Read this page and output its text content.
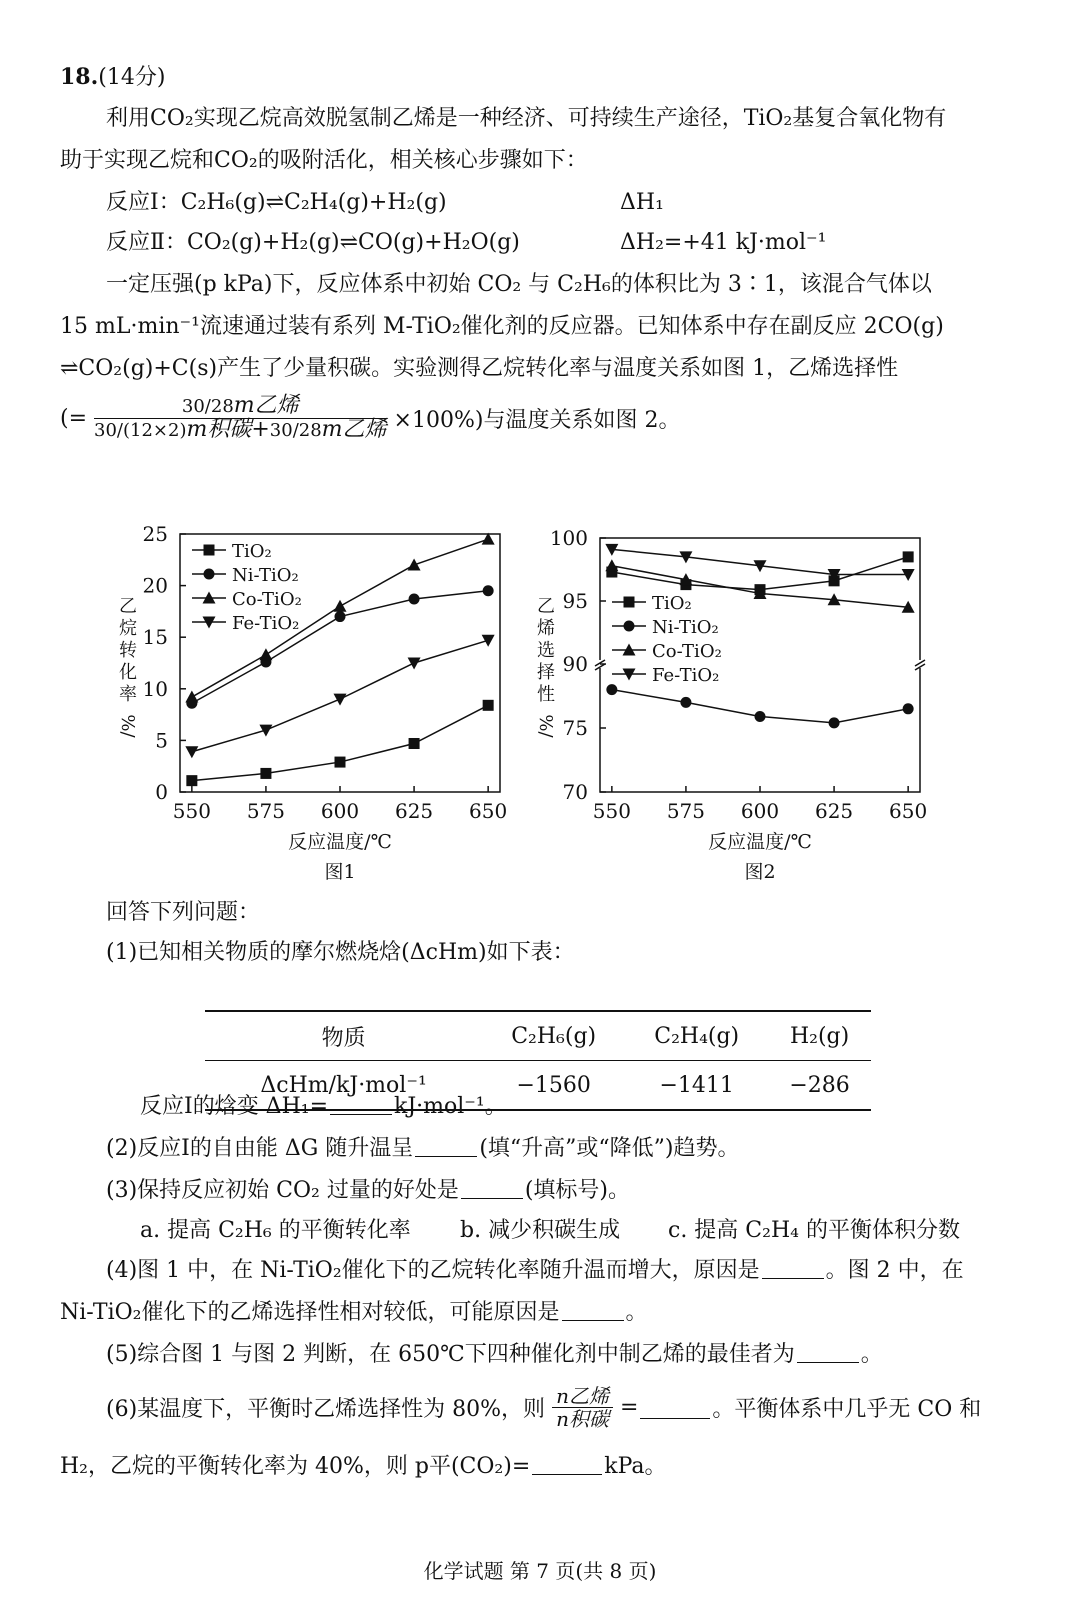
18.(14分)
利用CO₂实现乙烷高效脱氢制乙烯是一种经济、可持续生产途径，TiO₂基复合氧化物有
助于实现乙烷和CO₂的吸附活化，相关核心步骤如下：
反应Ⅰ：C₂H₆(g)⇌C₂H₄(g)+H₂(g)	ΔH₁
反应Ⅱ：CO₂(g)+H₂(g)⇌CO(g)+H₂O(g)	ΔH₂=+41 kJ·mol⁻¹
一定压强(p kPa)下，反应体系中初始 CO₂ 与 C₂H₆的体积比为 3∶1，该混合气体以
15 mL·min⁻¹流速通过装有系列 M-TiO₂催化剂的反应器。已知体系中存在副反应 2CO(g)
⇌CO₂(g)+C(s)产生了少量积碳。实验测得乙烷转化率与温度关系如图 1，乙烯选择性
(= $\frac{\text{30/28m乙烯}}{\text{30/(12×2)m积碳+30/28m乙烯}} \times 100\%$)与温度关系如图 2。
0
5
10
15
20
25
550 575 600 625 650
乙
烷
转
化
率
%/
反应温度/℃
图1
TiO₂
Ni-TiO₂
Co-TiO₂
Fe-TiO₂
70
75
90
95
100
550 575 600 625 650
乙
烯
选
择
性
%/
反应温度/℃
图2
TiO₂
Ni-TiO₂
Co-TiO₂
Fe-TiO₂
回答下列问题：
(1)已知相关物质的摩尔燃烧焓(ΔcHm)如下表：
物质	C₂H₆(g)	C₂H₄(g)	H₂(g)
ΔcHm/kJ·mol⁻¹	−1560	−1411	−286
反应Ⅰ的焓变 ΔH₁=	kJ·mol⁻¹。
(2)反应Ⅰ的自由能 ΔG 随升温呈	(填“升高”或“降低”)趋势。
(3)保持反应初始 CO₂ 过量的好处是	(填标号)。
a. 提高 C₂H₆ 的平衡转化率 b. 减少积碳生成 c. 提高 C₂H₄ 的平衡体积分数
(4)图 1 中，在 Ni-TiO₂催化下的乙烷转化率随升温而增大，原因是	。图 2 中，在
Ni-TiO₂催化下的乙烯选择性相对较低，可能原因是	。
(5)综合图 1 与图 2 判断，在 650℃下四种催化剂中制乙烯的最佳者为	。
(6)某温度下，平衡时乙烯选择性为 80%，则 $\frac{\text{n乙烯}}{\text{n积碳}}$ =	。平衡体系中几乎无 CO 和
H₂，乙烷的平衡转化率为 40%，则 p平(CO₂)=	kPa。
化学试题 第 7 页(共 8 页)
